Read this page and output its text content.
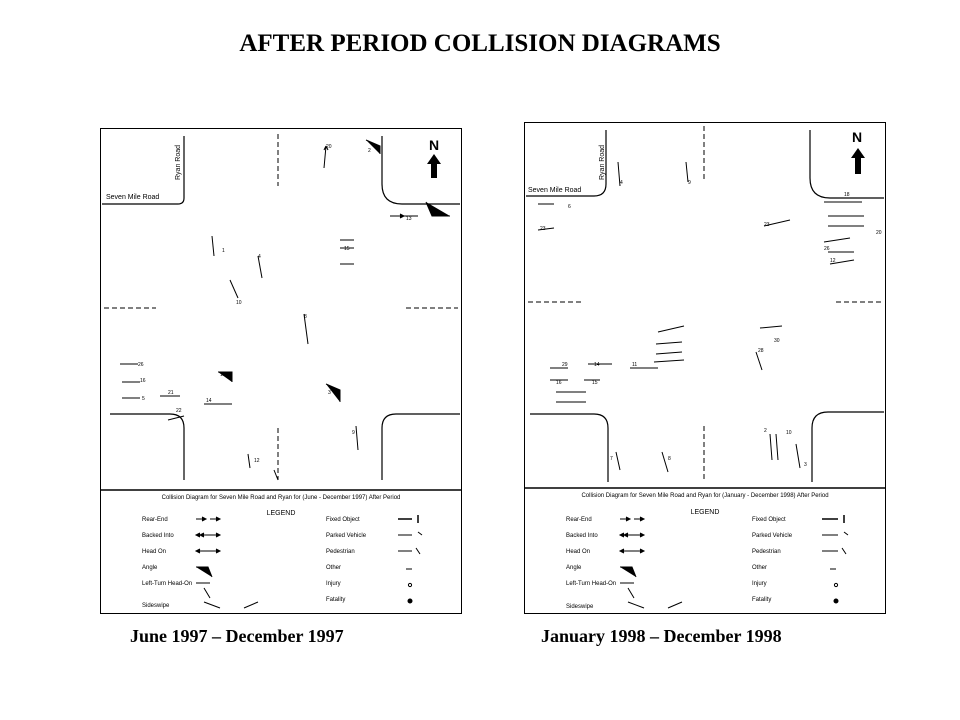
AFTER PERIOD COLLISION DIAGRAMS
Ryan Road
Seven Mile Road
N
20
2
13
1
4
15
10
8
26
16
5
21
18
3
14
22
9
12
Collision Diagram for Seven Mile Road and Ryan for (June - December 1997) After Period
LEGEND
Rear-End
Backed Into
Head On
Angle
Left-Turn Head-On
Sideswipe
Fixed Object
Parked Vehicle
Pedestrian
Other
Injury
Fatality
Ryan Road
Seven Mile Road
N
4	9
6
23
23
18
20
26
12
30
28
11
29	14
16	15
2	10
3
7	8
Collision Diagram for Seven Mile Road and Ryan for (January - December 1998) After Period
LEGEND
Rear-End
Backed Into
Head On
Angle
Left-Turn Head-On
Sideswipe
Fixed Object
Parked Vehicle
Pedestrian
Other
Injury
Fatality
June 1997 – December 1997	January 1998 – December 1998
